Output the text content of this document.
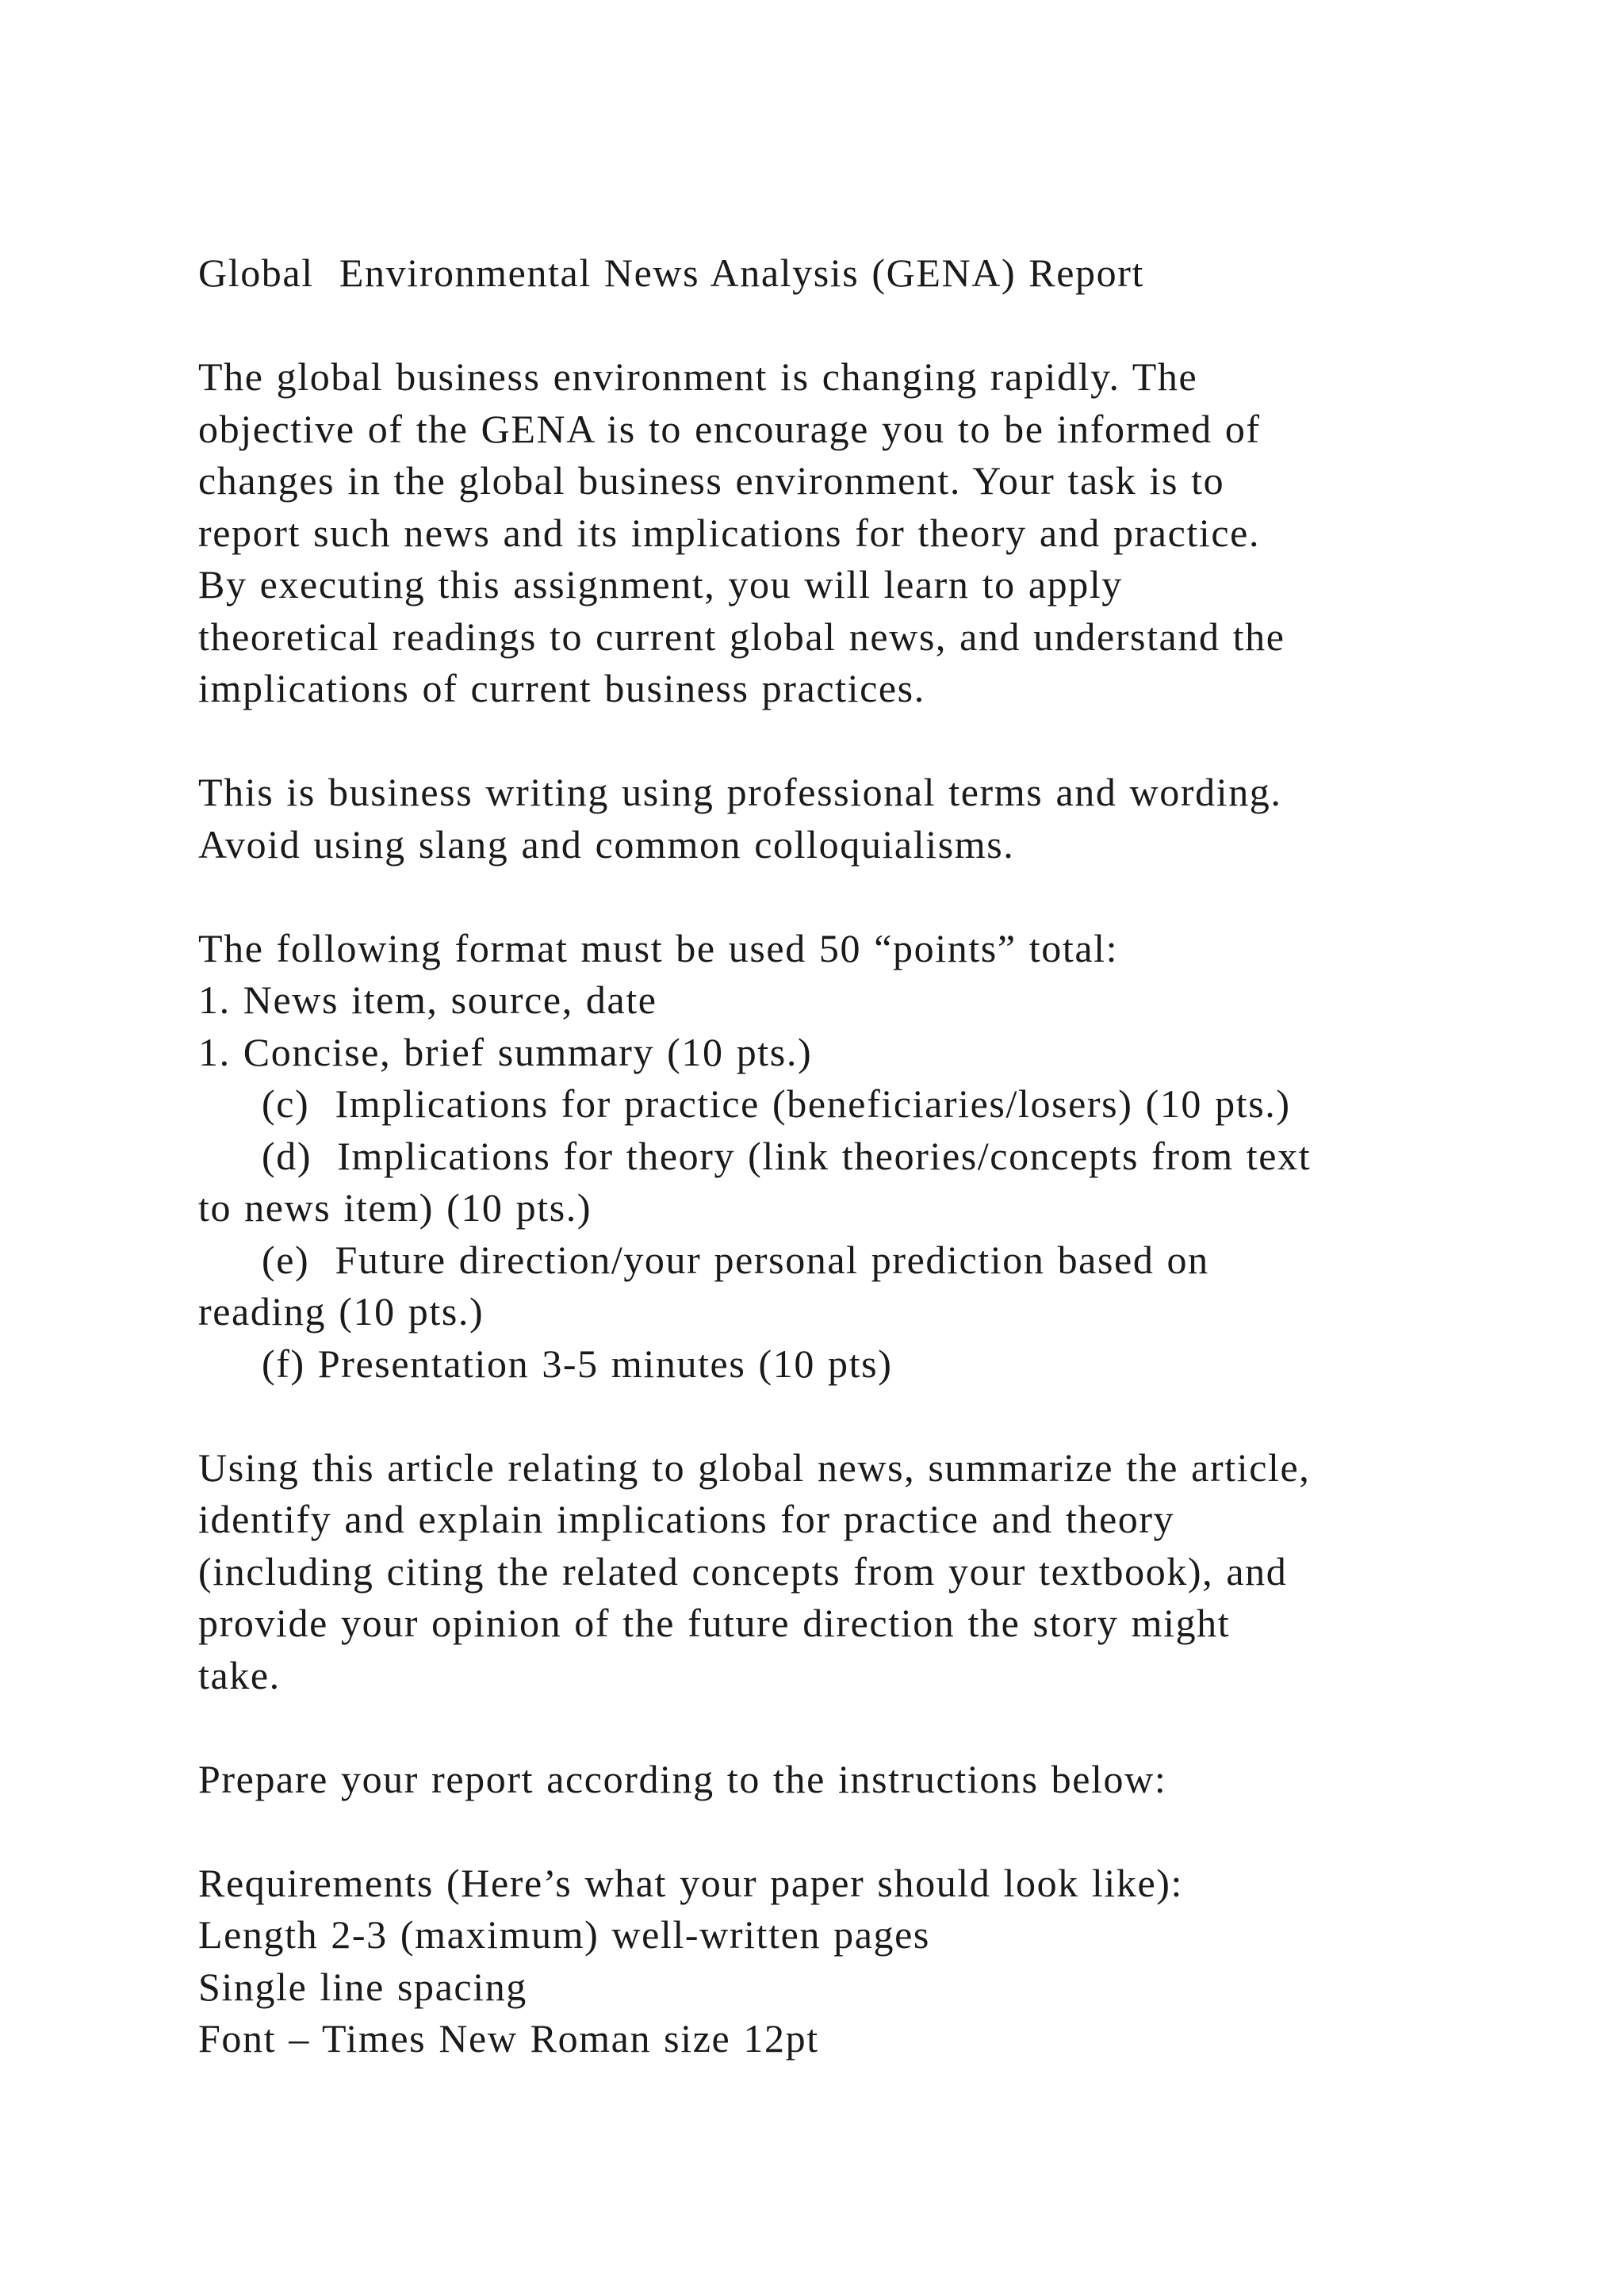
Global  Environmental News Analysis (GENA) Report
The global business environment is changing rapidly. The
objective of the GENA is to encourage you to be informed of
changes in the global business environment. Your task is to
report such news and its implications for theory and practice.
By executing this assignment, you will learn to apply
theoretical readings to current global news, and understand the
implications of current business practices.
This is business writing using professional terms and wording.
Avoid using slang and common colloquialisms.
The following format must be used 50 “points” total:
1. News item, source, date
1. Concise, brief summary (10 pts.)
(c)  Implications for practice (beneficiaries/losers) (10 pts.)
(d)  Implications for theory (link theories/concepts from text
to news item) (10 pts.)
(e)  Future direction/your personal prediction based on
reading (10 pts.)
(f) Presentation 3-5 minutes (10 pts)
Using this article relating to global news, summarize the article,
identify and explain implications for practice and theory
(including citing the related concepts from your textbook), and
provide your opinion of the future direction the story might
take.
Prepare your report according to the instructions below:
Requirements (Here’s what your paper should look like):
Length 2-3 (maximum) well-written pages
Single line spacing
Font – Times New Roman size 12pt
